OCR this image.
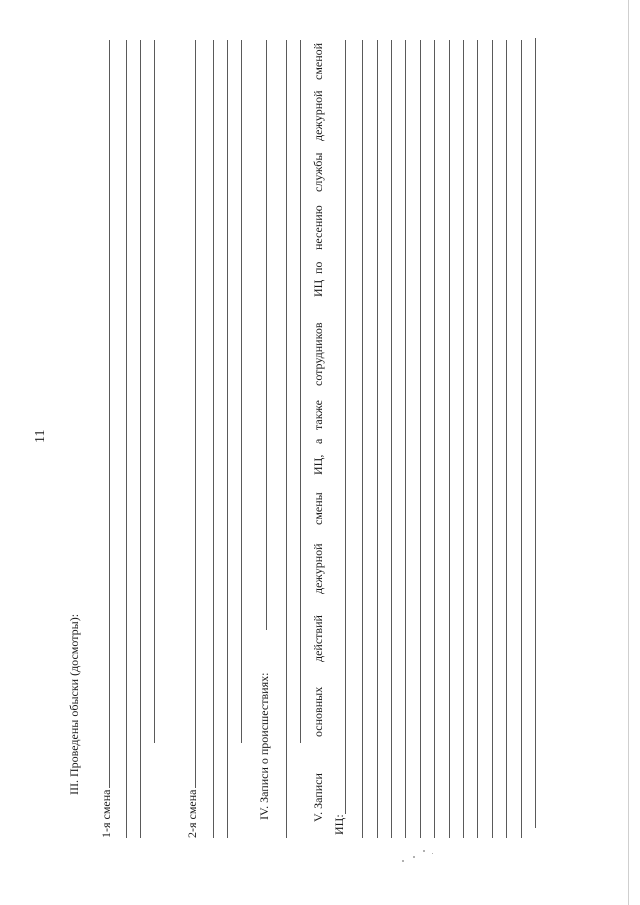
11
III. Проведены обыски (досмотры):
1-я смена	2-я смена	IV. Записи о происшествиях:	V. Записи
основных
действий
дежурной
смены
ИЦ,
а
также
сотрудников
ИЦ
по
несению
службы
дежурной
сменой
ИЦ:
